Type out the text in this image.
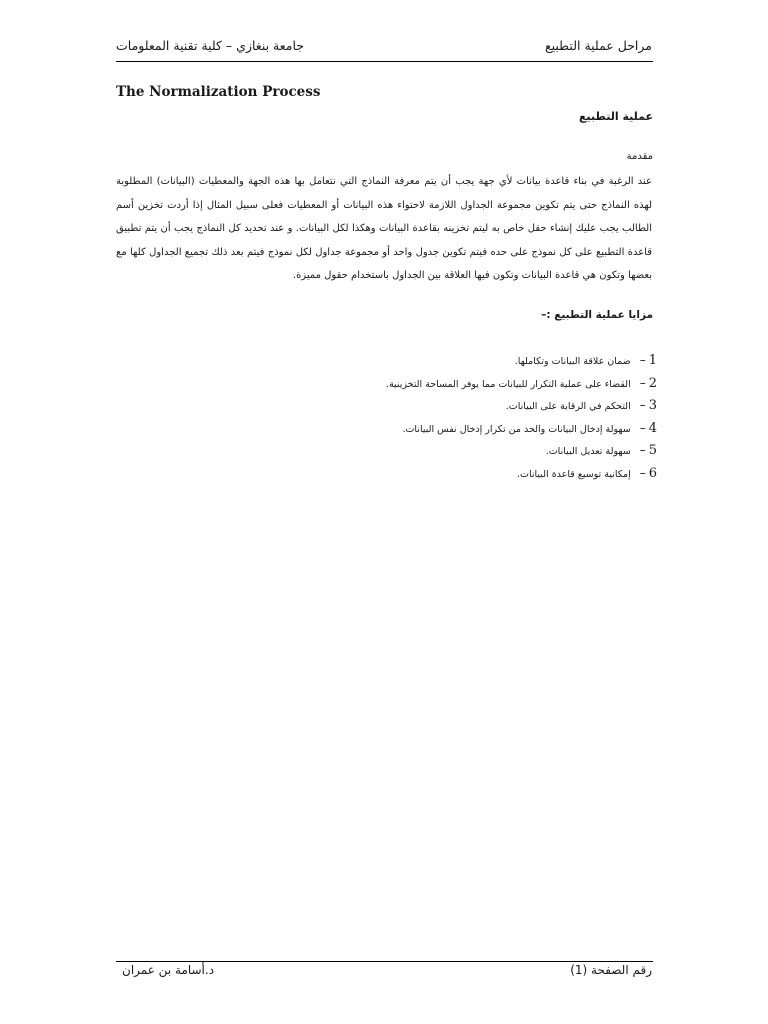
جامعة بنغازي – كلية تقنية المعلومات	مراحل عملية التطبيع
The Normalization Process
عملية التطبيع
مقدمة
عند الرغبة في بناء قاعدة بيانات لأي جهة يجب أن يتم معرفة النماذج التي نتعامل بها هذه الجهة والمعطيات (البيانات) المطلوبة لهذه النماذج حتى يتم تكوين مجموعة الجداول اللازمة لاحتواء هذه البيانات أو المعطيات فعلى سبيل المثال إذا أردت تخزين أسم الطالب يجب عليك إنشاء حقل خاص به ليتم تخزينه بقاعدة البيانات وهكذا لكل البيانات. و عند تحديد كل النماذج يجب أن يتم تطبيق قاعدة التطبيع على كل نموذج على حده فيتم تكوين جدول واحد أو مجموعة جداول لكل نموذج فيتم بعد ذلك تجميع الجداول كلها مع بعضها وتكون هي قاعدة البيانات وتكون فيها العلاقة بين الجداول باستخدام حقول مميزة.
مزايا عملية التطبيع :–
1–ضمان علاقة البيانات وتكاملها.
2–القضاء على عملية التكرار للبيانات مما يوفر المساحة التخزينية.
3–التحكم في الرقابة على البيانات.
4–سهولة إدخال البيانات والحد من تكرار إدخال نفس البيانات.
5–سهولة تعديل البيانات.
6–إمكانية توسيع قاعدة البيانات.
د.أسامة بن عمران	رقم الصفحة (1)
